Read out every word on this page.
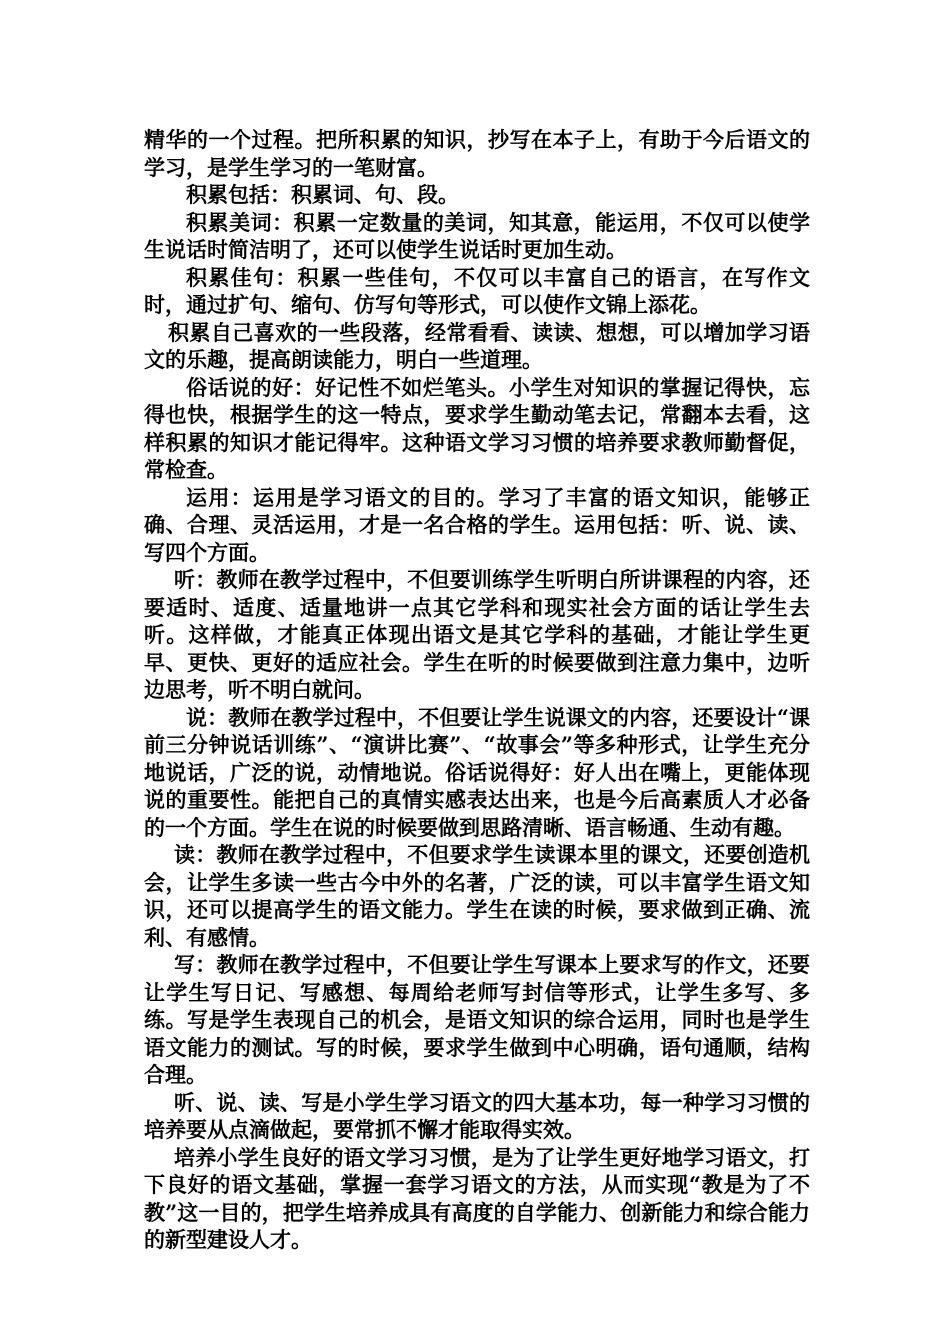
精华的一个过程。把所积累的知识，抄写在本子上，有助于今后语文的学习，是学生学习的一笔财富。

积累包括：积累词、句、段。

积累美词：积累一定数量的美词，知其意，能运用，不仅可以使学生说话时简洁明了，还可以使学生说话时更加生动。

积累佳句：积累一些佳句，不仅可以丰富自己的语言，在写作文时，通过扩句、缩句、仿写句等形式，可以使作文锦上添花。

积累自己喜欢的一些段落，经常看看、读读、想想，可以增加学习语文的乐趣，提高朗读能力，明白一些道理。

俗话说的好：好记性不如烂笔头。小学生对知识的掌握记得快，忘得也快，根据学生的这一特点，要求学生勤动笔去记，常翻本去看，这样积累的知识才能记得牢。这种语文学习习惯的培养要求教师勤督促，常检查。

运用：运用是学习语文的目的。学习了丰富的语文知识，能够正确、合理、灵活运用，才是一名合格的学生。运用包括：听、说、读、写四个方面。

听：教师在教学过程中，不但要训练学生听明白所讲课程的内容，还要适时、适度、适量地讲一点其它学科和现实社会方面的话让学生去听。这样做，才能真正体现出语文是其它学科的基础，才能让学生更早、更快、更好的适应社会。学生在听的时候要做到注意力集中，边听边思考，听不明白就问。

说：教师在教学过程中，不但要让学生说课文的内容，还要设计“课前三分钟说话训练”、“演讲比赛”、“故事会”等多种形式，让学生充分地说话，广泛的说，动情地说。俗话说得好：好人出在嘴上，更能体现说的重要性。能把自己的真情实感表达出来，也是今后高素质人才必备的一个方面。学生在说的时候要做到思路清晰、语言畅通、生动有趣。

读：教师在教学过程中，不但要求学生读课本里的课文，还要创造机会，让学生多读一些古今中外的名著，广泛的读，可以丰富学生语文知识，还可以提高学生的语文能力。学生在读的时候，要求做到正确、流利、有感情。

写：教师在教学过程中，不但要让学生写课本上要求写的作文，还要让学生写日记、写感想、每周给老师写封信等形式，让学生多写、多练。写是学生表现自己的机会，是语文知识的综合运用，同时也是学生语文能力的测试。写的时候，要求学生做到中心明确，语句通顺，结构合理。

听、说、读、写是小学生学习语文的四大基本功，每一种学习习惯的培养要从点滴做起，要常抓不懈才能取得实效。

培养小学生良好的语文学习习惯，是为了让学生更好地学习语文，打下良好的语文基础，掌握一套学习语文的方法，从而实现“教是为了不教”这一目的，把学生培养成具有高度的自学能力、创新能力和综合能力的新型建设人才。
